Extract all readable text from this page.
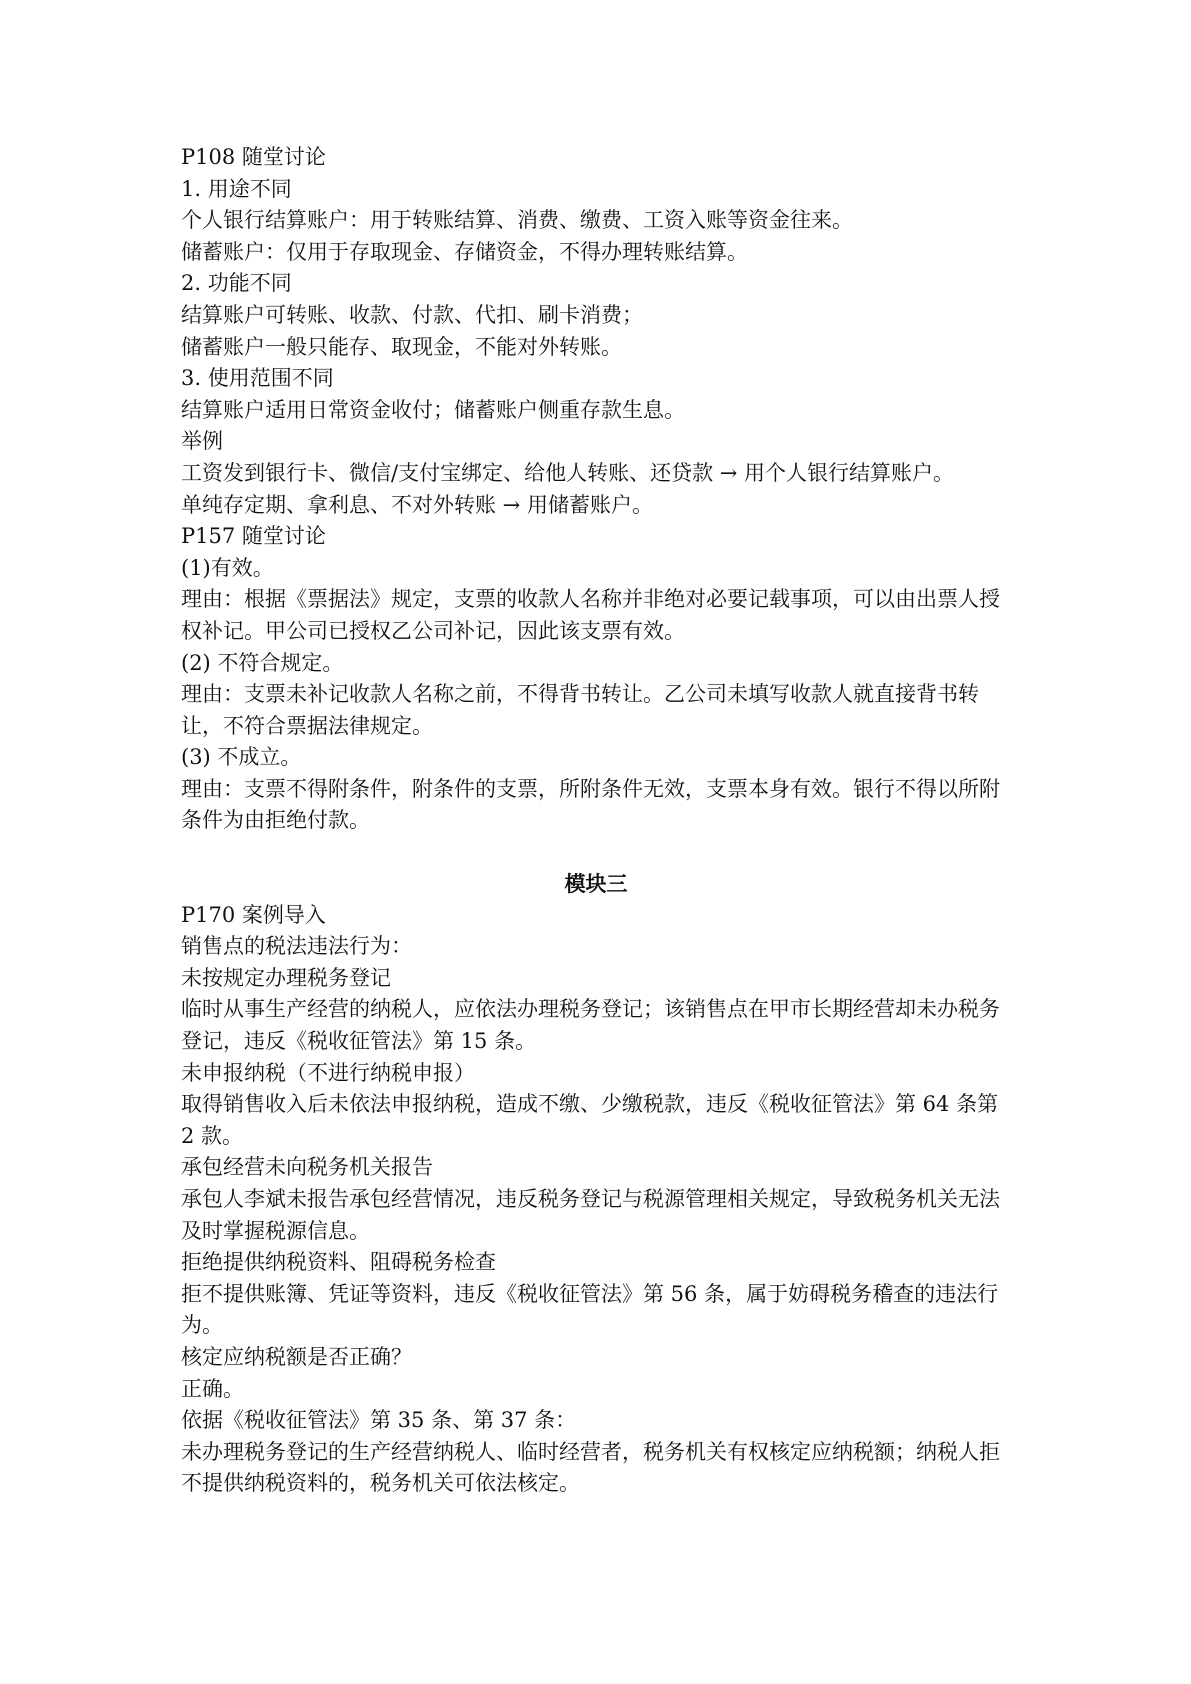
P108 随堂讨论

1. 用途不同

个人银行结算账户：用于转账结算、消费、缴费、工资入账等资金往来。

储蓄账户：仅用于存取现金、存储资金，不得办理转账结算。

2. 功能不同

结算账户可转账、收款、付款、代扣、刷卡消费；

储蓄账户一般只能存、取现金，不能对外转账。

3. 使用范围不同

结算账户适用日常资金收付；储蓄账户侧重存款生息。

举例

工资发到银行卡、微信/支付宝绑定、给他人转账、还贷款 → 用个人银行结算账户。

单纯存定期、拿利息、不对外转账 → 用储蓄账户。

P157 随堂讨论

(1)有效。

理由：根据《票据法》规定，支票的收款人名称并非绝对必要记载事项，可以由出票人授权补记。甲公司已授权乙公司补记，因此该支票有效。

(2) 不符合规定。

理由：支票未补记收款人名称之前，不得背书转让。乙公司未填写收款人就直接背书转让，不符合票据法律规定。

(3) 不成立。

理由：支票不得附条件，附条件的支票，所附条件无效，支票本身有效。银行不得以所附条件为由拒绝付款。

模块三

P170 案例导入

销售点的税法违法行为：

未按规定办理税务登记

临时从事生产经营的纳税人，应依法办理税务登记；该销售点在甲市长期经营却未办税务登记，违反《税收征管法》第 15 条。

未申报纳税（不进行纳税申报）

取得销售收入后未依法申报纳税，造成不缴、少缴税款，违反《税收征管法》第 64 条第 2 款。

承包经营未向税务机关报告

承包人李斌未报告承包经营情况，违反税务登记与税源管理相关规定，导致税务机关无法及时掌握税源信息。

拒绝提供纳税资料、阻碍税务检查

拒不提供账簿、凭证等资料，违反《税收征管法》第 56 条，属于妨碍税务稽查的违法行为。

核定应纳税额是否正确？

正确。

依据《税收征管法》第 35 条、第 37 条：

未办理税务登记的生产经营纳税人、临时经营者，税务机关有权核定应纳税额；纳税人拒不提供纳税资料的，税务机关可依法核定。
